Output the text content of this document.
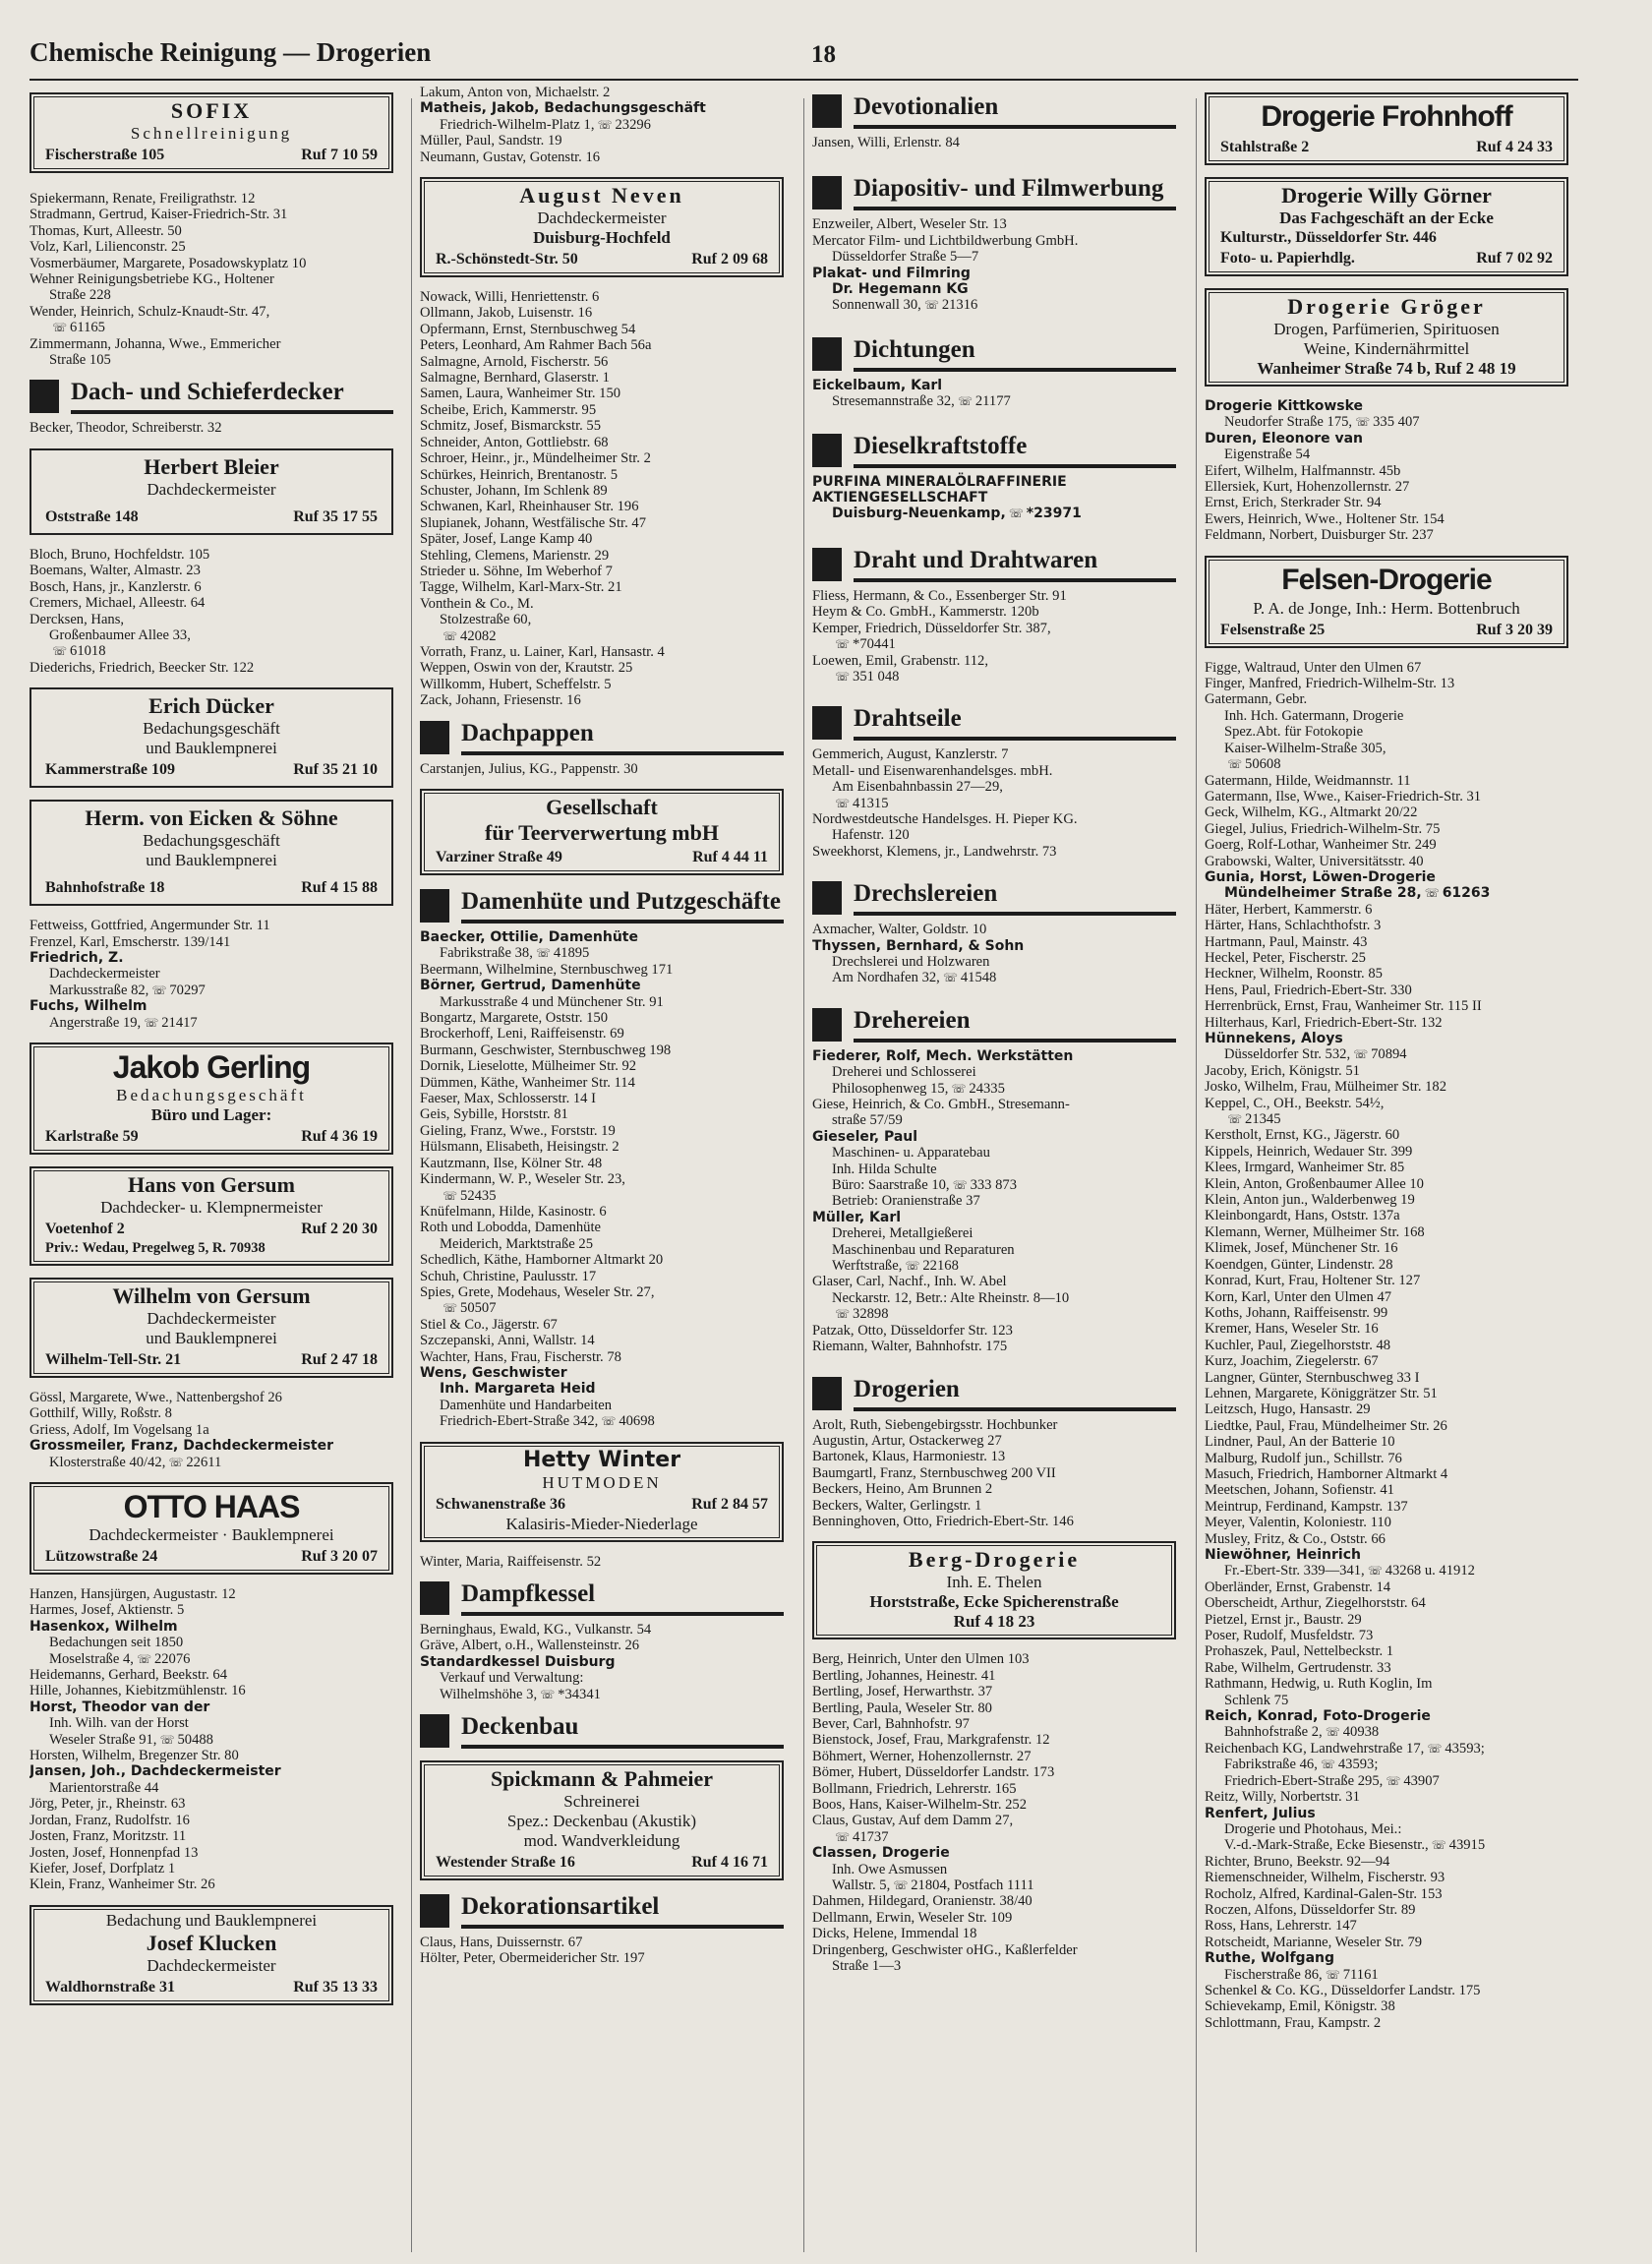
Chemische Reinigung — Drogerien	18
SOFIX
Schnellreinigung
Fischerstraße 105	Ruf 7 10 59
Spiekermann, Renate, Freiligrathstr. 12
Stradmann, Gertrud, Kaiser-Friedrich-Str. 31
Thomas, Kurt, Alleestr. 50
Volz, Karl, Lilienconstr. 25
Vosmerbäumer, Margarete, Posadowskyplatz 10
Wehner Reinigungsbetriebe KG., Holtener
Straße 228
Wender, Heinrich, Schulz-Knaudt-Str. 47,
☏ 61165
Zimmermann, Johanna, Wwe., Emmericher
Straße 105
Dach- und Schieferdecker
Becker, Theodor, Schreiberstr. 32
Herbert Bleier
Dachdeckermeister
Oststraße 148	Ruf 35 17 55
Bloch, Bruno, Hochfeldstr. 105
Boemans, Walter, Almastr. 23
Bosch, Hans, jr., Kanzlerstr. 6
Cremers, Michael, Alleestr. 64
Dercksen, Hans,
Großenbaumer Allee 33,
☏ 61018
Diederichs, Friedrich, Beecker Str. 122
Erich Dücker
Bedachungsgeschäft
und Bauklempnerei
Kammerstraße 109	Ruf 35 21 10
Herm. von Eicken & Söhne
Bedachungsgeschäft
und Bauklempnerei
Bahnhofstraße 18	Ruf 4 15 88
Fettweiss, Gottfried, Angermunder Str. 11
Frenzel, Karl, Emscherstr. 139/141
Friedrich, Z.
Dachdeckermeister
Markusstraße 82, ☏ 70297
Fuchs, Wilhelm
Angerstraße 19, ☏ 21417
Jakob Gerling
Bedachungsgeschäft
Büro und Lager:
Karlstraße 59	Ruf 4 36 19
Hans von Gersum
Dachdecker- u. Klempnermeister
Voetenhof 2	Ruf 2 20 30
Priv.: Wedau, Pregelweg 5, R. 70938
Wilhelm von Gersum
Dachdeckermeister
und Bauklempnerei
Wilhelm-Tell-Str. 21	Ruf 2 47 18
Gössl, Margarete, Wwe., Nattenbergshof 26
Gotthilf, Willy, Roßstr. 8
Griess, Adolf, Im Vogelsang 1a
Grossmeiler, Franz, Dachdeckermeister
Klosterstraße 40/42, ☏ 22611
OTTO HAAS
Dachdeckermeister · Bauklempnerei
Lützowstraße 24	Ruf 3 20 07
Hanzen, Hansjürgen, Augustastr. 12
Harmes, Josef, Aktienstr. 5
Hasenkox, Wilhelm
Bedachungen seit 1850
Moselstraße 4, ☏ 22076
Heidemanns, Gerhard, Beekstr. 64
Hille, Johannes, Kiebitzmühlenstr. 16
Horst, Theodor van der
Inh. Wilh. van der Horst
Weseler Straße 91, ☏ 50488
Horsten, Wilhelm, Bregenzer Str. 80
Jansen, Joh., Dachdeckermeister
Marientorstraße 44
Jörg, Peter, jr., Rheinstr. 63
Jordan, Franz, Rudolfstr. 16
Josten, Franz, Moritzstr. 11
Josten, Josef, Honnenpfad 13
Kiefer, Josef, Dorfplatz 1
Klein, Franz, Wanheimer Str. 26
Bedachung und Bauklempnerei
Josef Klucken
Dachdeckermeister
Waldhornstraße 31	Ruf 35 13 33
Lakum, Anton von, Michaelstr. 2
Matheis, Jakob, Bedachungsgeschäft
Friedrich-Wilhelm-Platz 1, ☏ 23296
Müller, Paul, Sandstr. 19
Neumann, Gustav, Gotenstr. 16
August Neven
Dachdeckermeister
Duisburg-Hochfeld
R.-Schönstedt-Str. 50	Ruf 2 09 68
Nowack, Willi, Henriettenstr. 6
Ollmann, Jakob, Luisenstr. 16
Opfermann, Ernst, Sternbuschweg 54
Peters, Leonhard, Am Rahmer Bach 56a
Salmagne, Arnold, Fischerstr. 56
Salmagne, Bernhard, Glaserstr. 1
Samen, Laura, Wanheimer Str. 150
Scheibe, Erich, Kammerstr. 95
Schmitz, Josef, Bismarckstr. 55
Schneider, Anton, Gottliebstr. 68
Schroer, Heinr., jr., Mündelheimer Str. 2
Schürkes, Heinrich, Brentanostr. 5
Schuster, Johann, Im Schlenk 89
Schwanen, Karl, Rheinhauser Str. 196
Slupianek, Johann, Westfälische Str. 47
Später, Josef, Lange Kamp 40
Stehling, Clemens, Marienstr. 29
Strieder u. Söhne, Im Weberhof 7
Tagge, Wilhelm, Karl-Marx-Str. 21
Vonthein & Co., M.
Stolzestraße 60,
☏ 42082
Vorrath, Franz, u. Lainer, Karl, Hansastr. 4
Weppen, Oswin von der, Krautstr. 25
Willkomm, Hubert, Scheffelstr. 5
Zack, Johann, Friesenstr. 16
Dachpappen
Carstanjen, Julius, KG., Pappenstr. 30
Gesellschaft
für Teerverwertung mbH
Varziner Straße 49	Ruf 4 44 11
Damenhüte und Putzgeschäfte
Baecker, Ottilie, Damenhüte
Fabrikstraße 38, ☏ 41895
Beermann, Wilhelmine, Sternbuschweg 171
Börner, Gertrud, Damenhüte
Markusstraße 4 und Münchener Str. 91
Bongartz, Margarete, Oststr. 150
Brockerhoff, Leni, Raiffeisenstr. 69
Burmann, Geschwister, Sternbuschweg 198
Dornik, Lieselotte, Mülheimer Str. 92
Dümmen, Käthe, Wanheimer Str. 114
Faeser, Max, Schlosserstr. 14 I
Geis, Sybille, Horststr. 81
Gieling, Franz, Wwe., Forststr. 19
Hülsmann, Elisabeth, Heisingstr. 2
Kautzmann, Ilse, Kölner Str. 48
Kindermann, W. P., Weseler Str. 23,
☏ 52435
Knüfelmann, Hilde, Kasinostr. 6
Roth und Lobodda, Damenhüte
Meiderich, Marktstraße 25
Schedlich, Käthe, Hamborner Altmarkt 20
Schuh, Christine, Paulusstr. 17
Spies, Grete, Modehaus, Weseler Str. 27,
☏ 50507
Stiel & Co., Jägerstr. 67
Szczepanski, Anni, Wallstr. 14
Wachter, Hans, Frau, Fischerstr. 78
Wens, Geschwister
Inh. Margareta Heid
Damenhüte und Handarbeiten
Friedrich-Ebert-Straße 342, ☏ 40698
Hetty Winter
HUTMODEN
Schwanenstraße 36	Ruf 2 84 57
Kalasiris-Mieder-Niederlage
Winter, Maria, Raiffeisenstr. 52
Dampfkessel
Berninghaus, Ewald, KG., Vulkanstr. 54
Gräve, Albert, o.H., Wallensteinstr. 26
Standardkessel Duisburg
Verkauf und Verwaltung:
Wilhelmshöhe 3, ☏ *34341
Deckenbau
Spickmann & Pahmeier
Schreinerei
Spez.: Deckenbau (Akustik)
mod. Wandverkleidung
Westender Straße 16	Ruf 4 16 71
Dekorationsartikel
Claus, Hans, Duissernstr. 67
Hölter, Peter, Obermeidericher Str. 197
Devotionalien
Jansen, Willi, Erlenstr. 84
Diapositiv- und Filmwerbung
Enzweiler, Albert, Weseler Str. 13
Mercator Film- und Lichtbildwerbung GmbH.
Düsseldorfer Straße 5—7
Plakat- und Filmring
Dr. Hegemann KG
Sonnenwall 30, ☏ 21316
Dichtungen
Eickelbaum, Karl
Stresemannstraße 32, ☏ 21177
Dieselkraftstoffe
PURFINA MINERALÖLRAFFINERIE
AKTIENGESELLSCHAFT
Duisburg-Neuenkamp, ☏ *23971
Draht und Drahtwaren
Fliess, Hermann, & Co., Essenberger Str. 91
Heym & Co. GmbH., Kammerstr. 120b
Kemper, Friedrich, Düsseldorfer Str. 387,
☏ *70441
Loewen, Emil, Grabenstr. 112,
☏ 351 048
Drahtseile
Gemmerich, August, Kanzlerstr. 7
Metall- und Eisenwarenhandelsges. mbH.
Am Eisenbahnbassin 27—29,
☏ 41315
Nordwestdeutsche Handelsges. H. Pieper KG.
Hafenstr. 120
Sweekhorst, Klemens, jr., Landwehrstr. 73
Drechslereien
Axmacher, Walter, Goldstr. 10
Thyssen, Bernhard, & Sohn
Drechslerei und Holzwaren
Am Nordhafen 32, ☏ 41548
Drehereien
Fiederer, Rolf, Mech. Werkstätten
Dreherei und Schlosserei
Philosophenweg 15, ☏ 24335
Giese, Heinrich, & Co. GmbH., Stresemann-
straße 57/59
Gieseler, Paul
Maschinen- u. Apparatebau
Inh. Hilda Schulte
Büro: Saarstraße 10, ☏ 333 873
Betrieb: Oranienstraße 37
Müller, Karl
Dreherei, Metallgießerei
Maschinenbau und Reparaturen
Werftstraße, ☏ 22168
Glaser, Carl, Nachf., Inh. W. Abel
Neckarstr. 12, Betr.: Alte Rheinstr. 8—10
☏ 32898
Patzak, Otto, Düsseldorfer Str. 123
Riemann, Walter, Bahnhofstr. 175
Drogerien
Arolt, Ruth, Siebengebirgsstr. Hochbunker
Augustin, Artur, Ostackerweg 27
Bartonek, Klaus, Harmoniestr. 13
Baumgartl, Franz, Sternbuschweg 200 VII
Beckers, Heino, Am Brunnen 2
Beckers, Walter, Gerlingstr. 1
Benninghoven, Otto, Friedrich-Ebert-Str. 146
Berg-Drogerie
Inh. E. Thelen
Horststraße, Ecke Spicherenstraße
Ruf 4 18 23
Berg, Heinrich, Unter den Ulmen 103
Bertling, Johannes, Heinestr. 41
Bertling, Josef, Herwarthstr. 37
Bertling, Paula, Weseler Str. 80
Bever, Carl, Bahnhofstr. 97
Bienstock, Josef, Frau, Markgrafenstr. 12
Böhmert, Werner, Hohenzollernstr. 27
Bömer, Hubert, Düsseldorfer Landstr. 173
Bollmann, Friedrich, Lehrerstr. 165
Boos, Hans, Kaiser-Wilhelm-Str. 252
Claus, Gustav, Auf dem Damm 27,
☏ 41737
Classen, Drogerie
Inh. Owe Asmussen
Wallstr. 5, ☏ 21804, Postfach 1111
Dahmen, Hildegard, Oranienstr. 38/40
Dellmann, Erwin, Weseler Str. 109
Dicks, Helene, Immendal 18
Dringenberg, Geschwister oHG., Kaßlerfelder
Straße 1—3
Drogerie Frohnhoff
Stahlstraße 2	Ruf 4 24 33
Drogerie Willy Görner
Das Fachgeschäft an der Ecke
Kulturstr., Düsseldorfer Str. 446
Foto- u. Papierhdlg.	Ruf 7 02 92
Drogerie Gröger
Drogen, Parfümerien, Spirituosen
Weine, Kindernährmittel
Wanheimer Straße 74 b, Ruf 2 48 19
Drogerie Kittkowske
Neudorfer Straße 175, ☏ 335 407
Duren, Eleonore van
Eigenstraße 54
Eifert, Wilhelm, Halfmannstr. 45b
Ellersiek, Kurt, Hohenzollernstr. 27
Ernst, Erich, Sterkrader Str. 94
Ewers, Heinrich, Wwe., Holtener Str. 154
Feldmann, Norbert, Duisburger Str. 237
Felsen-Drogerie
P. A. de Jonge, Inh.: Herm. Bottenbruch
Felsenstraße 25	Ruf 3 20 39
Figge, Waltraud, Unter den Ulmen 67
Finger, Manfred, Friedrich-Wilhelm-Str. 13
Gatermann, Gebr.
Inh. Hch. Gatermann, Drogerie
Spez.Abt. für Fotokopie
Kaiser-Wilhelm-Straße 305,
☏ 50608
Gatermann, Hilde, Weidmannstr. 11
Gatermann, Ilse, Wwe., Kaiser-Friedrich-Str. 31
Geck, Wilhelm, KG., Altmarkt 20/22
Giegel, Julius, Friedrich-Wilhelm-Str. 75
Goerg, Rolf-Lothar, Wanheimer Str. 249
Grabowski, Walter, Universitätsstr. 40
Gunia, Horst, Löwen-Drogerie
Mündelheimer Straße 28, ☏ 61263
Häter, Herbert, Kammerstr. 6
Härter, Hans, Schlachthofstr. 3
Hartmann, Paul, Mainstr. 43
Heckel, Peter, Fischerstr. 25
Heckner, Wilhelm, Roonstr. 85
Hens, Paul, Friedrich-Ebert-Str. 330
Herrenbrück, Ernst, Frau, Wanheimer Str. 115 II
Hilterhaus, Karl, Friedrich-Ebert-Str. 132
Hünnekens, Aloys
Düsseldorfer Str. 532, ☏ 70894
Jacoby, Erich, Königstr. 51
Josko, Wilhelm, Frau, Mülheimer Str. 182
Keppel, C., OH., Beekstr. 54½,
☏ 21345
Kerstholt, Ernst, KG., Jägerstr. 60
Kippels, Heinrich, Wedauer Str. 399
Klees, Irmgard, Wanheimer Str. 85
Klein, Anton, Großenbaumer Allee 10
Klein, Anton jun., Walderbenweg 19
Kleinbongardt, Hans, Oststr. 137a
Klemann, Werner, Mülheimer Str. 168
Klimek, Josef, Münchener Str. 16
Koendgen, Günter, Lindenstr. 28
Konrad, Kurt, Frau, Holtener Str. 127
Korn, Karl, Unter den Ulmen 47
Koths, Johann, Raiffeisenstr. 99
Kremer, Hans, Weseler Str. 16
Kuchler, Paul, Ziegelhorststr. 48
Kurz, Joachim, Ziegelerstr. 67
Langner, Günter, Sternbuschweg 33 I
Lehnen, Margarete, Königgrätzer Str. 51
Leitzsch, Hugo, Hansastr. 29
Liedtke, Paul, Frau, Mündelheimer Str. 26
Lindner, Paul, An der Batterie 10
Malburg, Rudolf jun., Schillstr. 76
Masuch, Friedrich, Hamborner Altmarkt 4
Meetschen, Johann, Sofienstr. 41
Meintrup, Ferdinand, Kampstr. 137
Meyer, Valentin, Koloniestr. 110
Musley, Fritz, & Co., Oststr. 66
Niewöhner, Heinrich
Fr.-Ebert-Str. 339—341, ☏ 43268 u. 41912
Oberländer, Ernst, Grabenstr. 14
Oberscheidt, Arthur, Ziegelhorststr. 64
Pietzel, Ernst jr., Baustr. 29
Poser, Rudolf, Musfeldstr. 73
Prohaszek, Paul, Nettelbeckstr. 1
Rabe, Wilhelm, Gertrudenstr. 33
Rathmann, Hedwig, u. Ruth Koglin, Im
Schlenk 75
Reich, Konrad, Foto-Drogerie
Bahnhofstraße 2, ☏ 40938
Reichenbach KG, Landwehrstraße 17, ☏ 43593;
Fabrikstraße 46, ☏ 43593;
Friedrich-Ebert-Straße 295, ☏ 43907
Reitz, Willy, Norbertstr. 31
Renfert, Julius
Drogerie und Photohaus, Mei.:
V.-d.-Mark-Straße, Ecke Biesenstr., ☏ 43915
Richter, Bruno, Beekstr. 92—94
Riemenschneider, Wilhelm, Fischerstr. 93
Rocholz, Alfred, Kardinal-Galen-Str. 153
Roczen, Alfons, Düsseldorfer Str. 89
Ross, Hans, Lehrerstr. 147
Rotscheidt, Marianne, Weseler Str. 79
Ruthe, Wolfgang
Fischerstraße 86, ☏ 71161
Schenkel & Co. KG., Düsseldorfer Landstr. 175
Schievekamp, Emil, Königstr. 38
Schlottmann, Frau, Kampstr. 2
